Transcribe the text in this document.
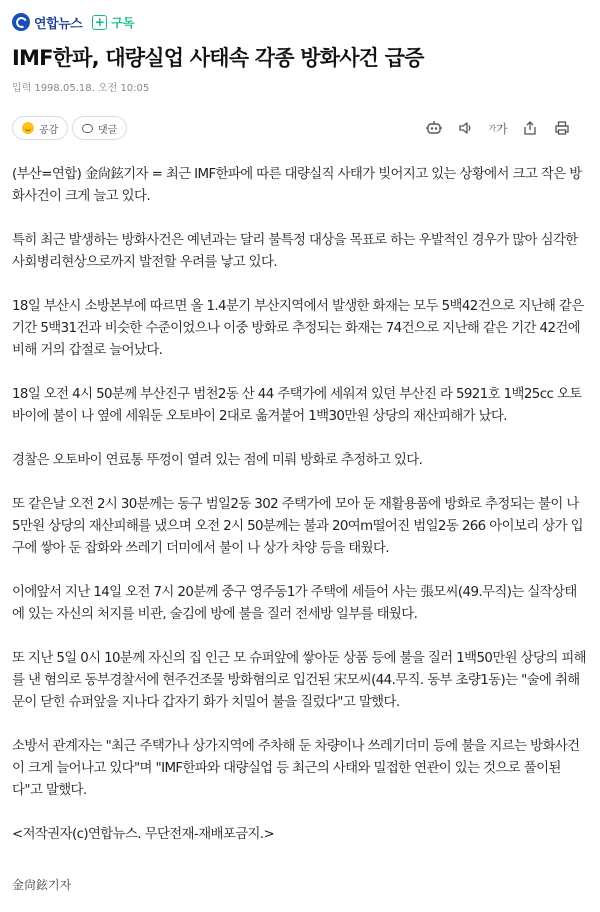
연합뉴스 + 구독
IMF한파, 대량실업 사태속 각종 방화사건 급증
입력 1998.05.18. 오전 10:05
공감	댓글	가 가

(부산=연합) 金尙鉉기자 = 최근 IMF한파에 따른 대량실직 사태가 빚어지고 있는 상황에서 크고 작은 방화사건이 크게 늘고 있다.

특히 최근 발생하는 방화사건은 예년과는 달리 불특정 대상을 목표로 하는 우발적인 경우가 많아 심각한 사회병리현상으로까지 발전할 우려를 낳고 있다.

18일 부산시 소방본부에 따르면 올 1.4분기 부산지역에서 발생한 화재는 모두 5백42건으로 지난해 같은 기간 5백31건과 비슷한 수준이었으나 이중 방화로 추정되는 화재는 74건으로 지난해 같은 기간 42건에 비해 거의 갑절로 늘어났다.

18일 오전 4시 50분께 부산진구 범천2동 산 44 주택가에 세워져 있던 부산진 라 5921호 1백25cc 오토바이에 불이 나 옆에 세워둔 오토바이 2대로 옮겨붙어 1백30만원 상당의 재산피해가 났다.

경찰은 오토바이 연료통 뚜껑이 열려 있는 점에 미뤄 방화로 추정하고 있다.

또 같은날 오전 2시 30분께는 동구 범일2동 302 주택가에 모아 둔 재활용품에 방화로 추정되는 불이 나 5만원 상당의 재산피해를 냈으며 오전 2시 50분께는 불과 20여m떨어진 범일2동 266 아이보리 상가 입구에 쌓아 둔 잡화와 쓰레기 더미에서 불이 나 상가 차양 등을 태웠다.

이에앞서 지난 14일 오전 7시 20분께 중구 영주동1가 주택에 세들어 사는 張모씨(49.무직)는 실작상태에 있는 자신의 처지를 비관, 술김에 방에 불을 질러 전세방 일부를 태웠다.

또 지난 5일 0시 10분께 자신의 집 인근 모 슈퍼앞에 쌓아둔 상품 등에 불을 질러 1백50만원 상당의 피해를 낸 혐의로 동부경찰서에 현주건조물 방화혐의로 입건된 宋모씨(44.무직. 동부 초량1동)는 "술에 취해 문이 닫힌 슈퍼앞을 지나다 갑자기 화가 치밀어 불을 질렀다"고 말했다.

소방서 관계자는 "최근 주택가나 상가지역에 주차해 둔 차량이나 쓰레기더미 등에 불을 지르는 방화사건이 크게 늘어나고 있다"며 "IMF한파와 대량실업 등 최근의 사태와 밀접한 연관이 있는 것으로 풀이된다"고 말했다.

<저작권자(c)연합뉴스. 무단전재-재배포금지.>

金尙鉉기자
